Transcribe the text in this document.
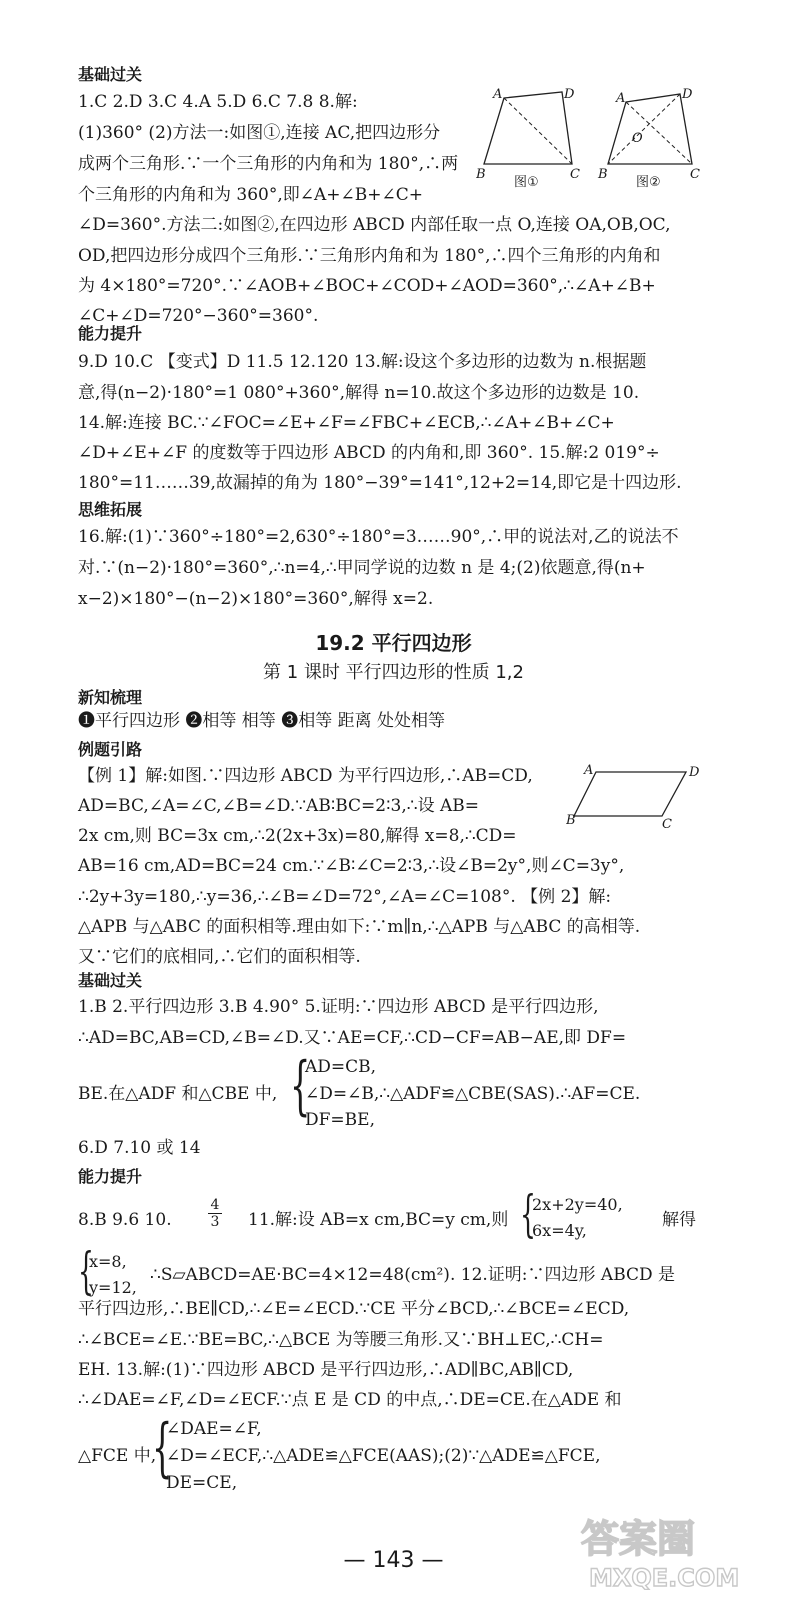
基础过关
1.C 2.D 3.C 4.A 5.D 6.C 7.8 8.解:
(1)360° (2)方法一:如图①,连接 AC,把四边形分
成两个三角形.∵一个三角形的内角和为 180°,∴两
个三角形的内角和为 360°,即∠A+∠B+∠C+
∠D=360°.方法二:如图②,在四边形 ABCD 内部任取一点 O,连接 OA,OB,OC,
OD,把四边形分成四个三角形.∵三角形内角和为 180°,∴四个三角形的内角和
为 4×180°=720°.∵∠AOB+∠BOC+∠COD+∠AOD=360°,∴∠A+∠B+
∠C+∠D=720°−360°=360°.
A	D
B	C
图①
A	D
B	C
O
图②
能力提升
9.D 10.C 【变式】D 11.5 12.120 13.解:设这个多边形的边数为 n.根据题
意,得(n−2)·180°=1 080°+360°,解得 n=10.故这个多边形的边数是 10.
14.解:连接 BC.∵∠FOC=∠E+∠F=∠FBC+∠ECB,∴∠A+∠B+∠C+
∠D+∠E+∠F 的度数等于四边形 ABCD 的内角和,即 360°. 15.解:2 019°÷
180°=11……39,故漏掉的角为 180°−39°=141°,12+2=14,即它是十四边形.
思维拓展
16.解:(1)∵360°÷180°=2,630°÷180°=3……90°,∴甲的说法对,乙的说法不
对.∵(n−2)·180°=360°,∴n=4,∴甲同学说的边数 n 是 4;(2)依题意,得(n+
x−2)×180°−(n−2)×180°=360°,解得 x=2.
19.2 平行四边形
第 1 课时 平行四边形的性质 1,2
新知梳理
❶平行四边形 ❷相等 相等 ❸相等 距离 处处相等
例题引路
【例 1】解:如图.∵四边形 ABCD 为平行四边形,∴AB=CD,
AD=BC,∠A=∠C,∠B=∠D.∵AB∶BC=2∶3,∴设 AB=
2x cm,则 BC=3x cm,∴2(2x+3x)=80,解得 x=8,∴CD=
AB=16 cm,AD=BC=24 cm.∵∠B∶∠C=2∶3,∴设∠B=2y°,则∠C=3y°,
∴2y+3y=180,∴y=36,∴∠B=∠D=72°,∠A=∠C=108°. 【例 2】解:
△APB 与△ABC 的面积相等.理由如下:∵m∥n,∴△APB 与△ABC 的高相等.
又∵它们的底相同,∴它们的面积相等.
A	D
B	C
基础过关
1.B 2.平行四边形 3.B 4.90° 5.证明:∵四边形 ABCD 是平行四边形,
∴AD=BC,AB=CD,∠B=∠D.又∵AE=CF,∴CD−CF=AB−AE,即 DF=
AD=CB,
BE.在△ADF 和△CBE 中, {
∠D=∠B,∴△ADF≌△CBE(SAS).∴AF=CE.
DF=BE,
6.D 7.10 或 14
能力提升
8.B 9.6 10.
4
3 11.解:设 AB=x cm,BC=y cm,则 {
2x+2y=40,
6x=4y,
解得
{
x=8,
y=12,
∴S▱ABCD=AE·BC=4×12=48(cm²). 12.证明:∵四边形 ABCD 是
平行四边形,∴BE∥CD,∴∠E=∠ECD.∵CE 平分∠BCD,∴∠BCE=∠ECD,
∴∠BCE=∠E.∵BE=BC,∴△BCE 为等腰三角形.又∵BH⊥EC,∴CH=
EH. 13.解:(1)∵四边形 ABCD 是平行四边形,∴AD∥BC,AB∥CD,
∴∠DAE=∠F,∠D=∠ECF.∵点 E 是 CD 的中点,∴DE=CE.在△ADE 和
∠DAE=∠F,
△FCE 中,
{
∠D=∠ECF,∴△ADE≌△FCE(AAS);(2)∵△ADE≌△FCE,
DE=CE,
— 143 —	答案圈
MXQE.COM
